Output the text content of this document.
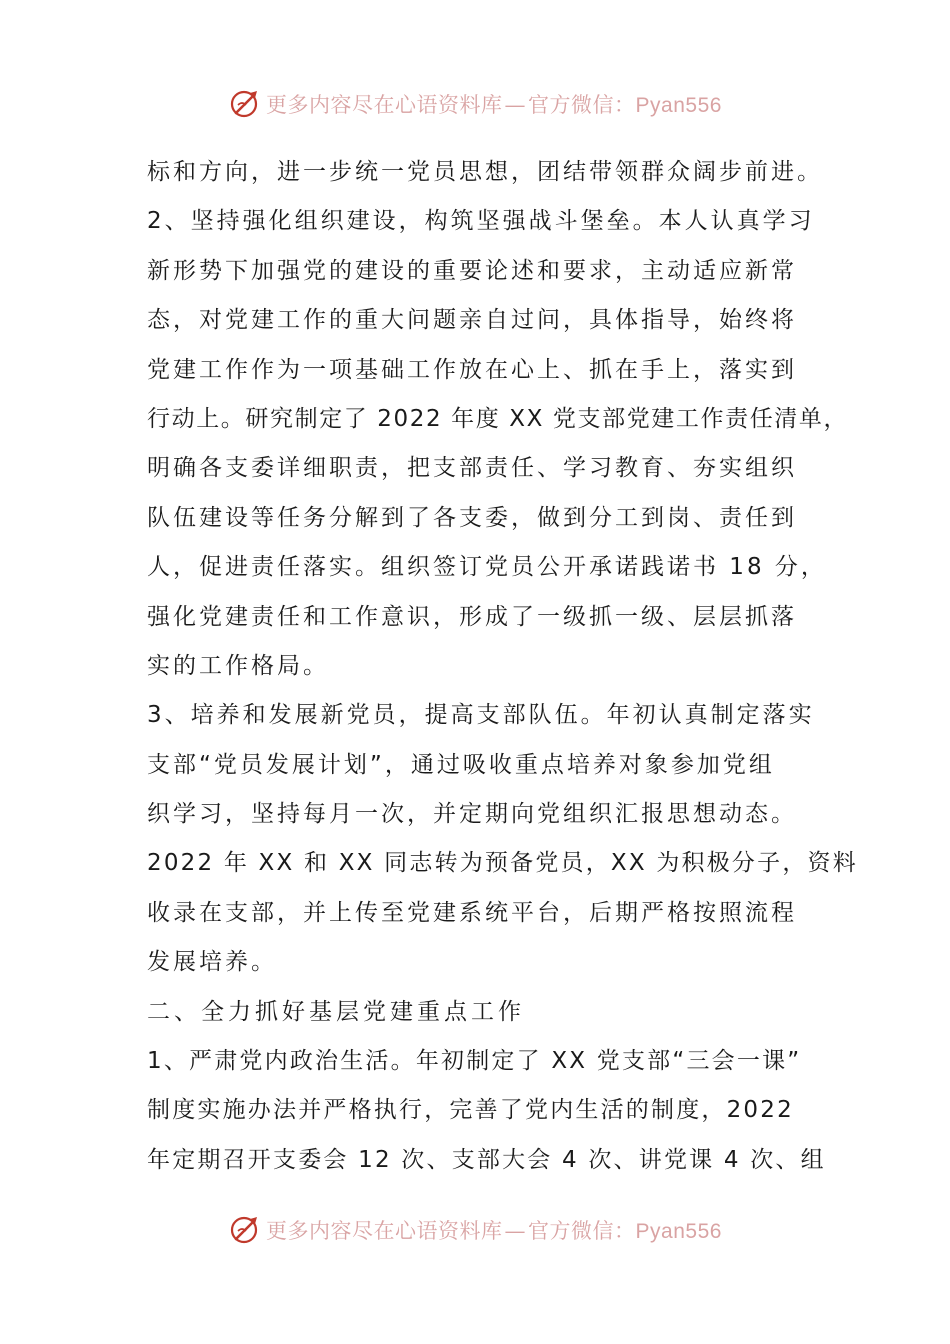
更多内容尽在心语资料库—官方微信：Pyan556
标和方向，进一步统一党员思想，团结带领群众阔步前进。
2、坚持强化组织建设，构筑坚强战斗堡垒。本人认真学习
新形势下加强党的建设的重要论述和要求，主动适应新常
态，对党建工作的重大问题亲自过问，具体指导，始终将
党建工作作为一项基础工作放在心上、抓在手上，落实到
行动上。研究制定了 2022 年度 XX 党支部党建工作责任清单，
明确各支委详细职责，把支部责任、学习教育、夯实组织
队伍建设等任务分解到了各支委，做到分工到岗、责任到
人，促进责任落实。组织签订党员公开承诺践诺书 18 分，
强化党建责任和工作意识，形成了一级抓一级、层层抓落
实的工作格局。
3、培养和发展新党员，提高支部队伍。年初认真制定落实
支部“党员发展计划”，通过吸收重点培养对象参加党组
织学习，坚持每月一次，并定期向党组织汇报思想动态。
2022 年 XX 和 XX 同志转为预备党员，XX 为积极分子，资料
收录在支部，并上传至党建系统平台，后期严格按照流程
发展培养。
二、全力抓好基层党建重点工作
1、严肃党内政治生活。年初制定了 XX 党支部“三会一课”
制度实施办法并严格执行，完善了党内生活的制度，2022
年定期召开支委会 12 次、支部大会 4 次、讲党课 4 次、组
更多内容尽在心语资料库—官方微信：Pyan556
